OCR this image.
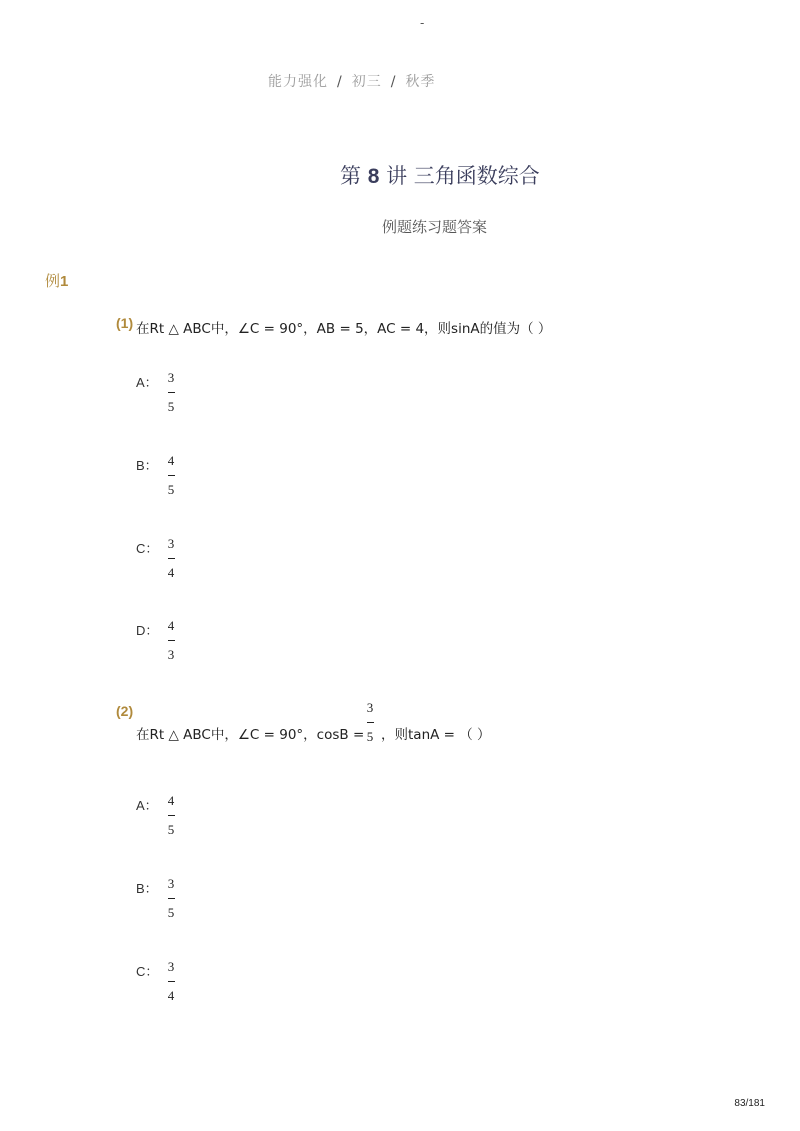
-
能力强化 / 初三 / 秋季
第 8 讲 三角函数综合
例题练习题答案
例1
(1) 在Rt △ ABC中，∠C = 90°，AB = 5，AC = 4，则sinA的值为（ ）
A： 3
5
B： 4
5
C： 3
4
D： 4
3
(2)
在Rt △ ABC中，∠C = 90°，cosB =
3
5 ，则tanA = （ ）
A： 4
5
B： 3
5
C： 3
4
83/181
